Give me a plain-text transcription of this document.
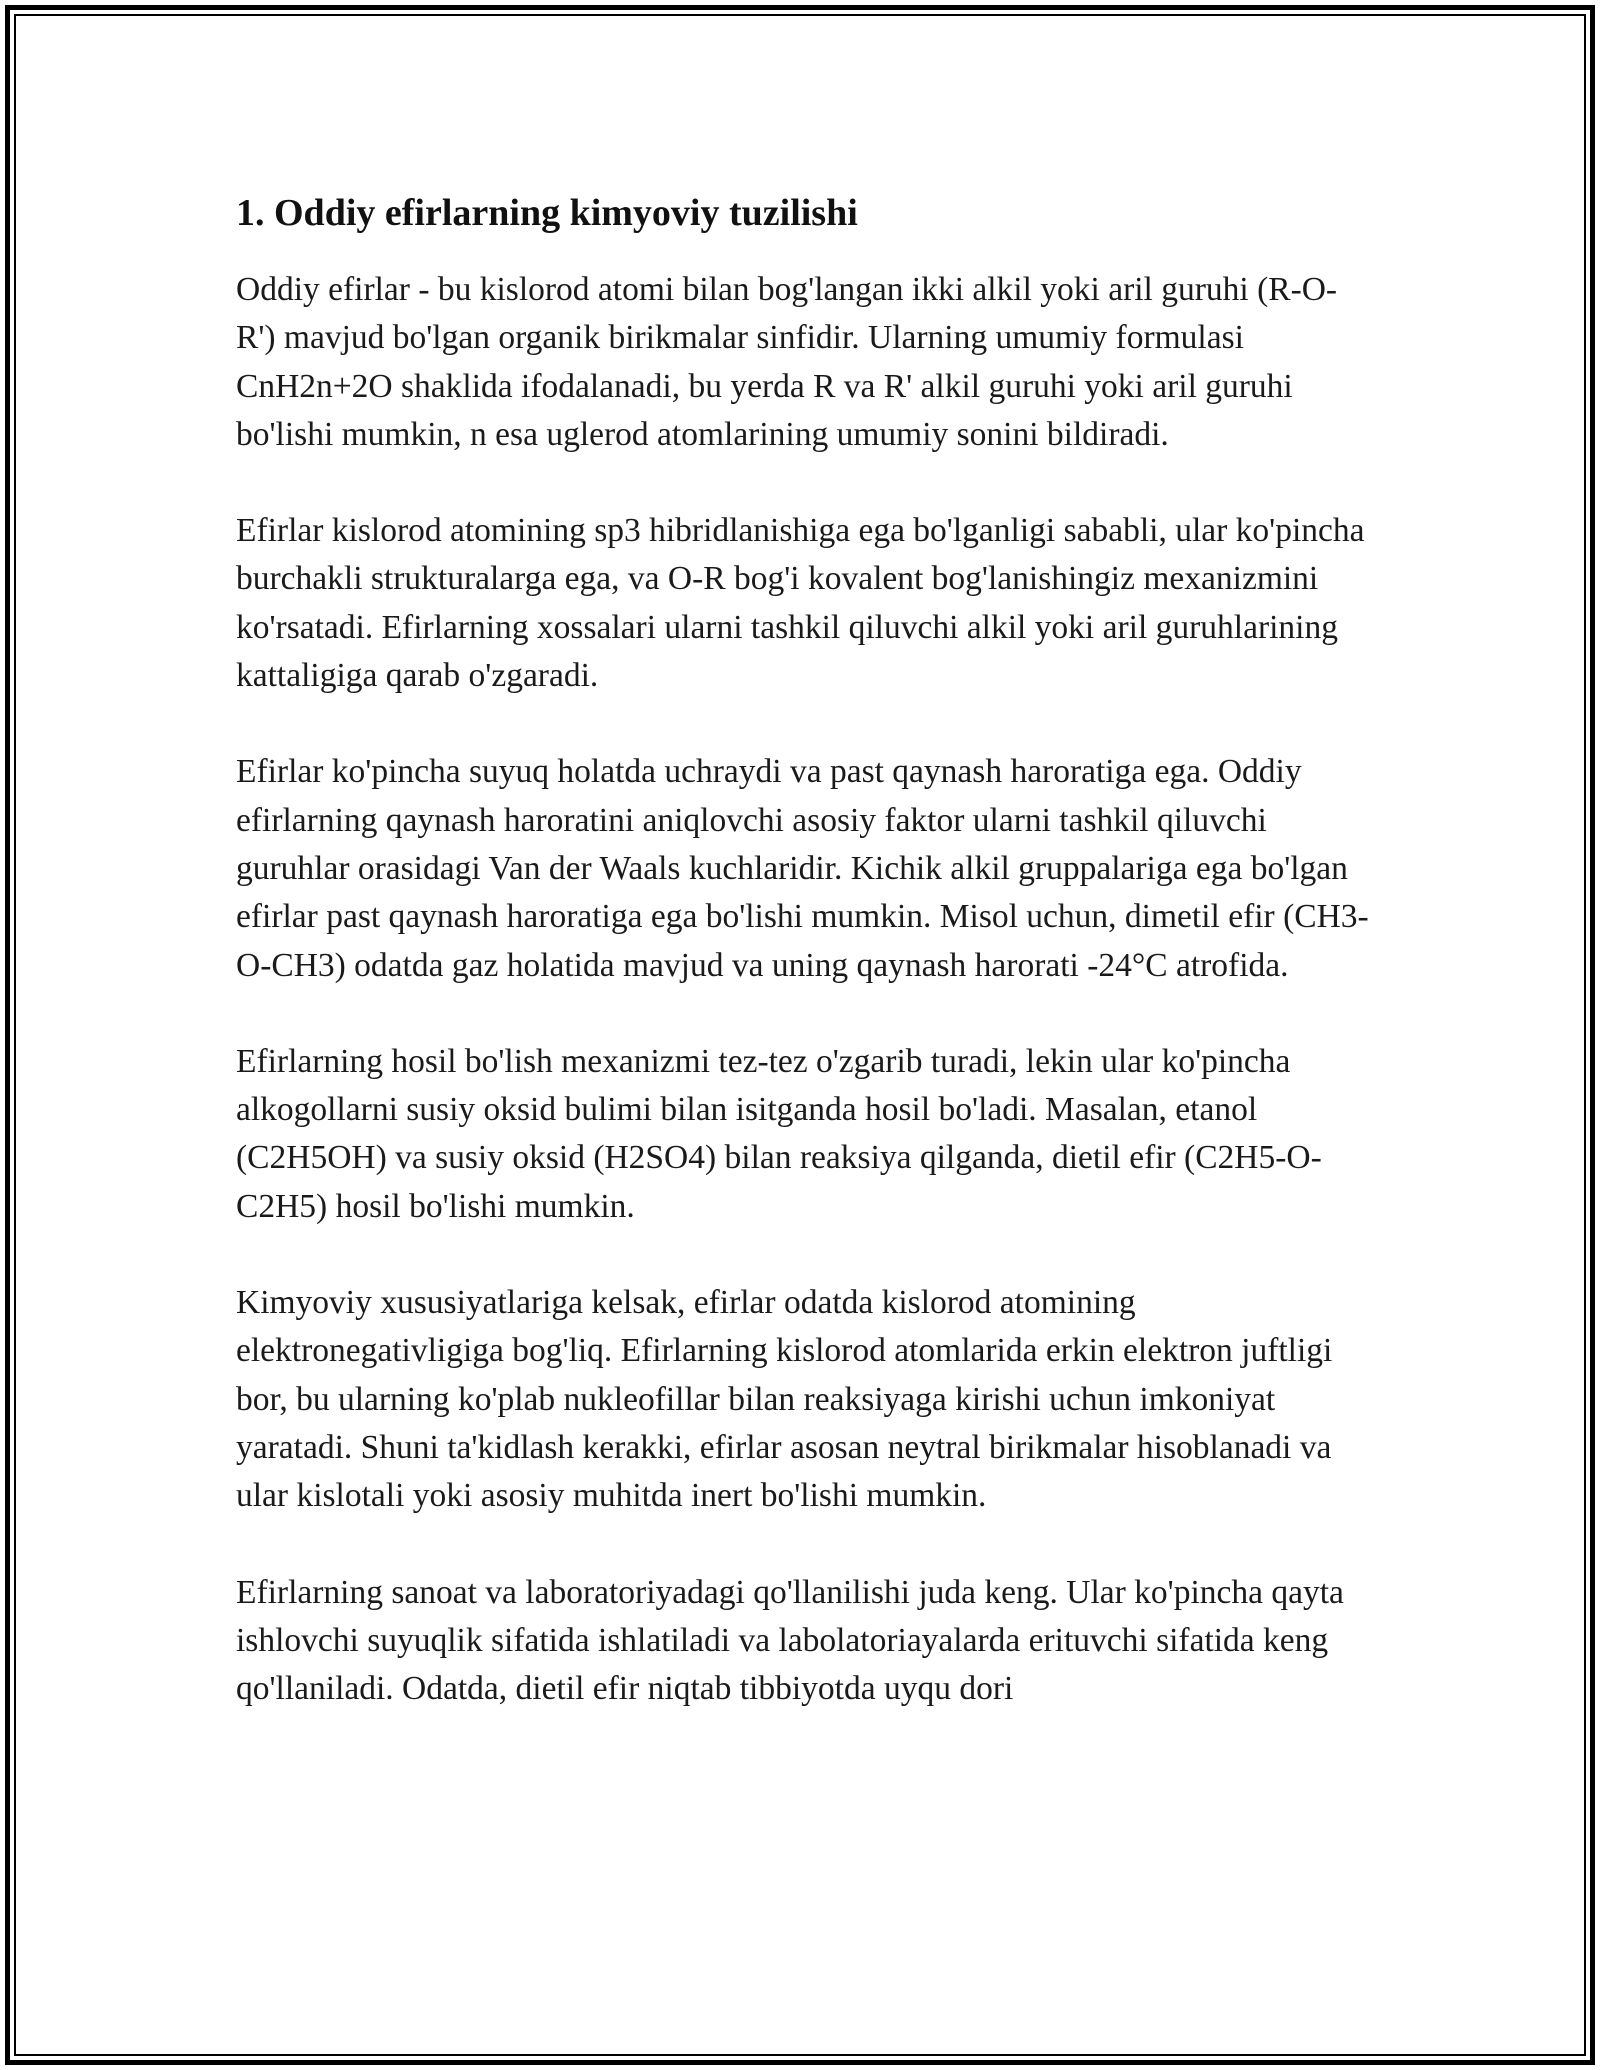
1. Oddiy efirlarning kimyoviy tuzilishi

Oddiy efirlar - bu kislorod atomi bilan bog'langan ikki alkil yoki aril guruhi (R-O-R') mavjud bo'lgan organik birikmalar sinfidir. Ularning umumiy formulasi CnH2n+2O shaklida ifodalanadi, bu yerda R va R' alkil guruhi yoki aril guruhi bo'lishi mumkin, n esa uglerod atomlarining umumiy sonini bildiradi.

Efirlar kislorod atomining sp3 hibridlanishiga ega bo'lganligi sababli, ular ko'pincha burchakli strukturalarga ega, va O-R bog'i kovalent bog'lanishingiz mexanizmini ko'rsatadi. Efirlarning xossalari ularni tashkil qiluvchi alkil yoki aril guruhlarining kattaligiga qarab o'zgaradi.

Efirlar ko'pincha suyuq holatda uchraydi va past qaynash haroratiga ega. Oddiy efirlarning qaynash haroratini aniqlovchi asosiy faktor ularni tashkil qiluvchi guruhlar orasidagi Van der Waals kuchlaridir. Kichik alkil gruppalariga ega bo'lgan efirlar past qaynash haroratiga ega bo'lishi mumkin. Misol uchun, dimetil efir (CH3-O-CH3) odatda gaz holatida mavjud va uning qaynash harorati -24°C atrofida.

Efirlarning hosil bo'lish mexanizmi tez-tez o'zgarib turadi, lekin ular ko'pincha alkogollarni susiy oksid bulimi bilan isitganda hosil bo'ladi. Masalan, etanol (C2H5OH) va susiy oksid (H2SO4) bilan reaksiya qilganda, dietil efir (C2H5-O-C2H5) hosil bo'lishi mumkin.

Kimyoviy xususiyatlariga kelsak, efirlar odatda kislorod atomining elektronegativligiga bog'liq. Efirlarning kislorod atomlarida erkin elektron juftligi bor, bu ularning ko'plab nukleofillar bilan reaksiyaga kirishi uchun imkoniyat yaratadi. Shuni ta'kidlash kerakki, efirlar asosan neytral birikmalar hisoblanadi va ular kislotali yoki asosiy muhitda inert bo'lishi mumkin.

Efirlarning sanoat va laboratoriyadagi qo'llanilishi juda keng. Ular ko'pincha qayta ishlovchi suyuqlik sifatida ishlatiladi va labolatoriayalarda erituvchi sifatida keng qo'llaniladi. Odatda, dietil efir niqtab tibbiyotda uyqu dori
